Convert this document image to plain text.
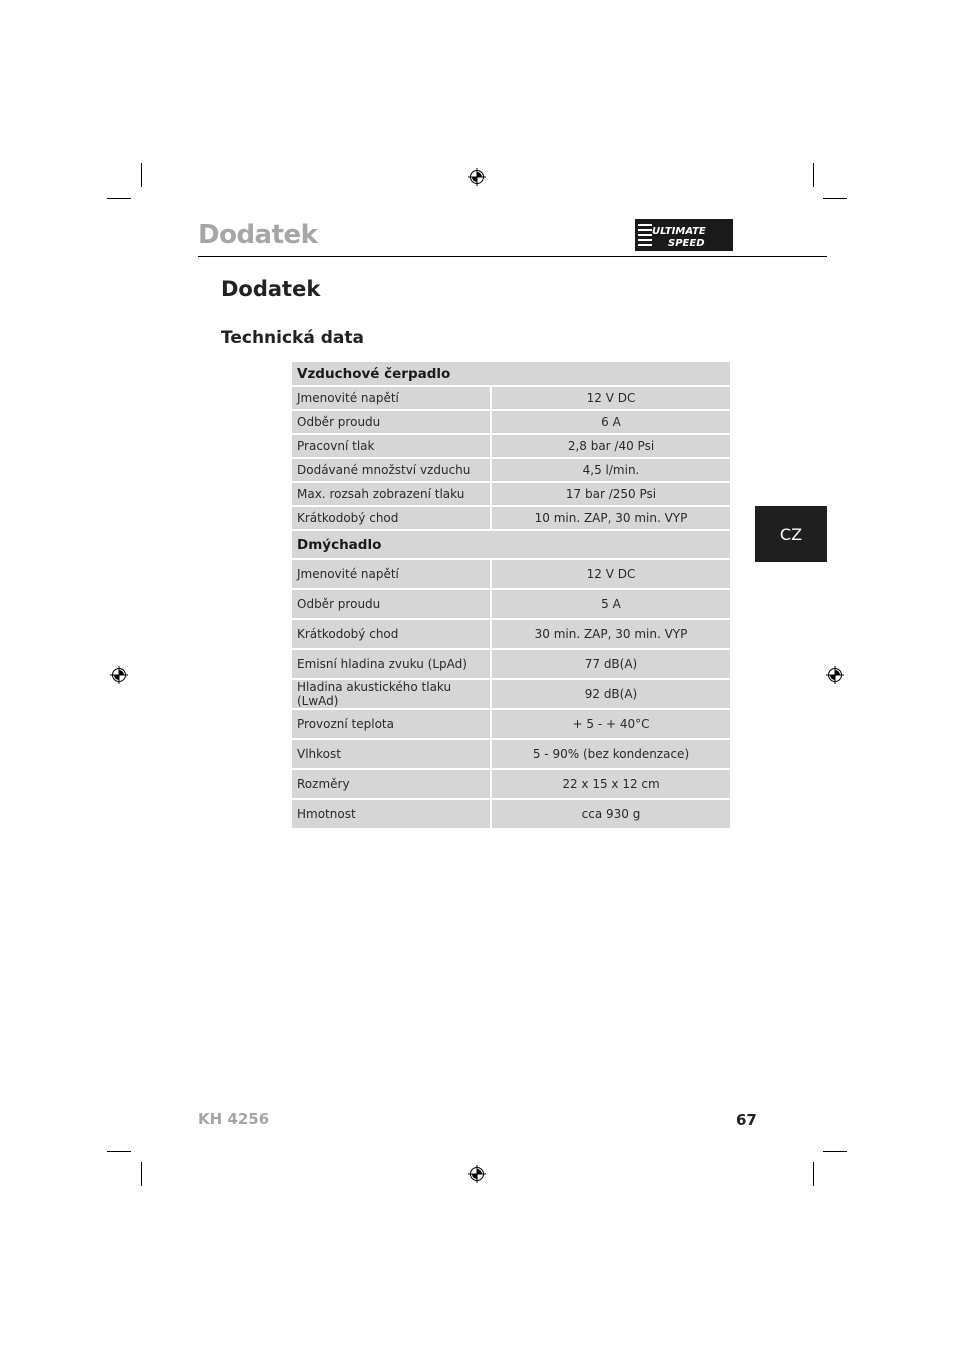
Dodatek	ULTIMATE
SPEED
Dodatek
Technická data
Vzduchové čerpadlo	
Jmenovité napětí	12 V DC
Odběr proudu	6 A
Pracovní tlak	2,8 bar /40 Psi
Dodávané množství vzduchu	4,5 l/min.
Max. rozsah zobrazení tlaku	17 bar /250 Psi
Krátkodobý chod	10 min. ZAP, 30 min. VYP
Dmýchadlo	
Jmenovité napětí	12 V DC
Odběr proudu	5 A
Krátkodobý chod	30 min. ZAP, 30 min. VYP
Emisní hladina zvuku (LpAd)	77 dB(A)
Hladina akustického tlaku (LwAd)	92 dB(A)
Provozní teplota	+ 5 - + 40°C
Vlhkost	5 - 90% (bez kondenzace)
Rozměry	22 x 15 x 12 cm
Hmotnost	cca 930 g
CZ
KH 4256	67
